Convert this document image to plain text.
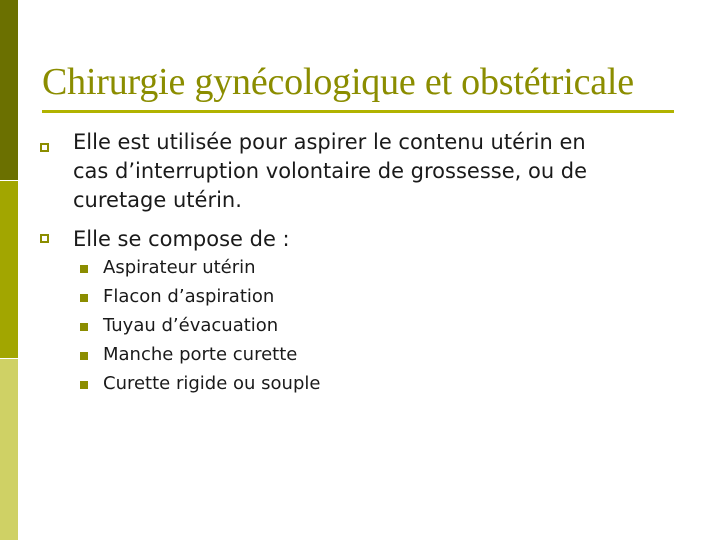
Chirurgie gynécologique et obstétricale
Elle est utilisée pour aspirer le contenu utérin en
cas d’interruption volontaire de grossesse, ou de
curetage utérin.
Elle se compose de :
Aspirateur utérin
Flacon d’aspiration
Tuyau d’évacuation
Manche porte curette
Curette rigide ou souple
